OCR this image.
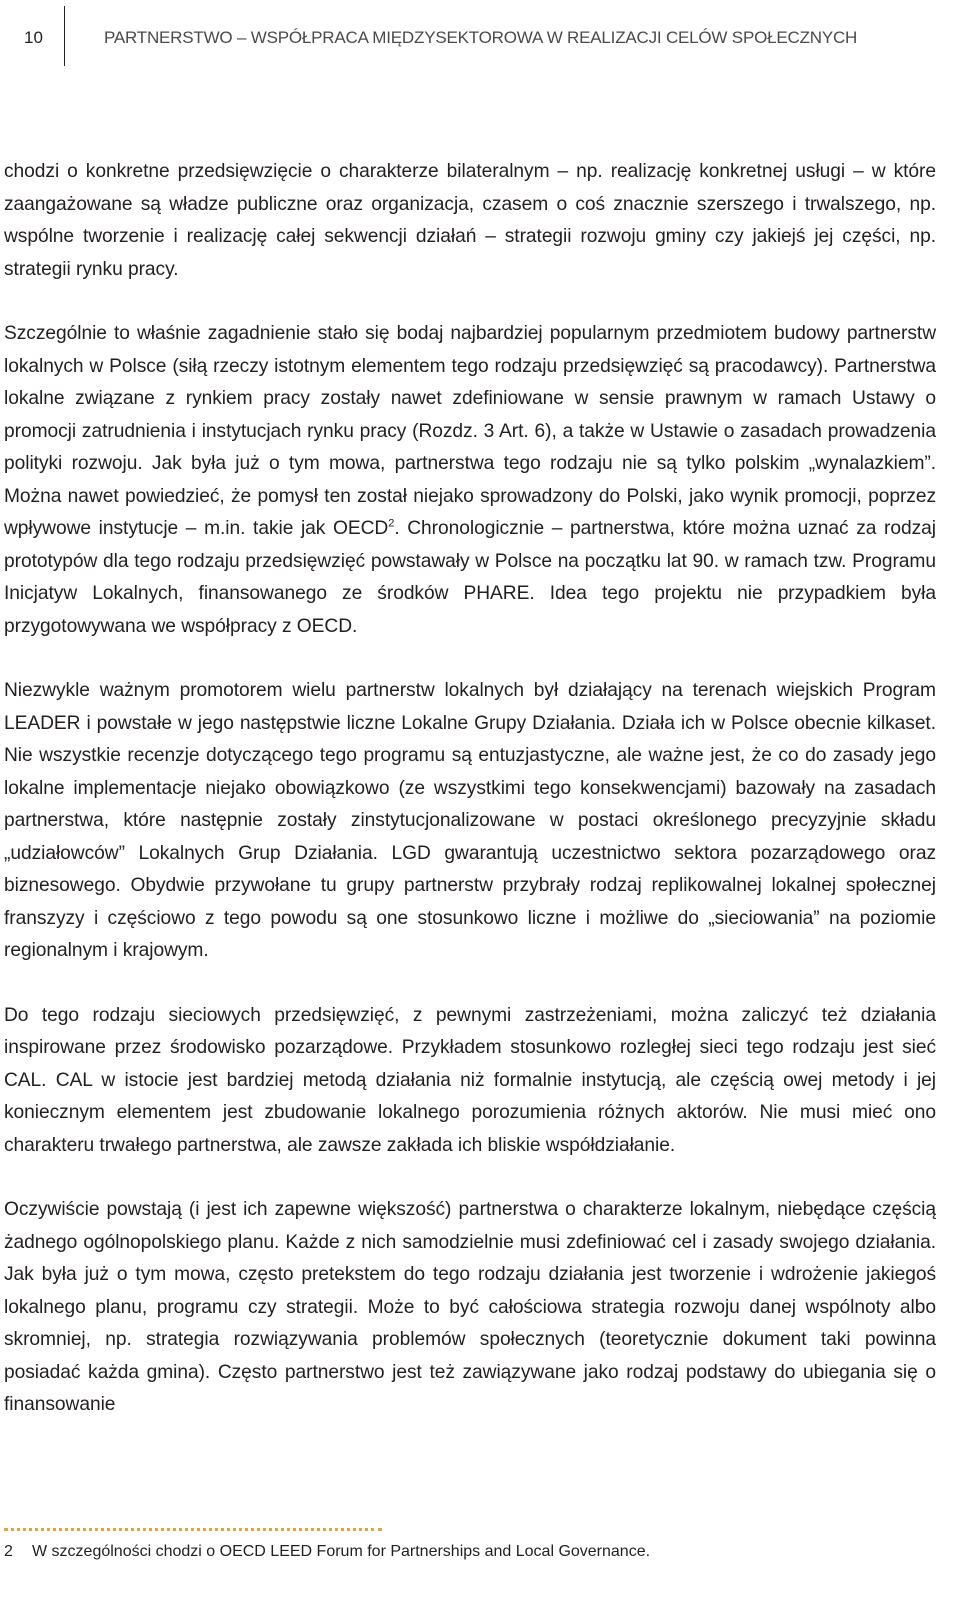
10	PARTNERSTWO – WSPÓŁPRACA MIĘDZYSEKTOROWA W REALIZACJI CELÓW SPOŁECZNYCH

chodzi o konkretne przedsięwzięcie o charakterze bilateralnym – np. realizację konkretnej usługi – w które zaangażowane są władze publiczne oraz organizacja, czasem o coś znacznie szerszego i trwalszego, np. wspólne tworzenie i realizację całej sekwencji działań – strategii rozwoju gminy czy jakiejś jej części, np. strategii rynku pracy.

Szczególnie to właśnie zagadnienie stało się bodaj najbardziej popularnym przedmiotem budowy partnerstw lokalnych w Polsce (siłą rzeczy istotnym elementem tego rodzaju przedsięwzięć są pracodawcy). Partnerstwa lokalne związane z rynkiem pracy zostały nawet zdefiniowane w sensie prawnym w ramach Ustawy o promocji zatrudnienia i instytucjach rynku pracy (Rozdz. 3 Art. 6), a także w Ustawie o zasadach prowadzenia polityki rozwoju. Jak była już o tym mowa, partnerstwa tego rodzaju nie są tylko polskim „wynalazkiem”. Można nawet powiedzieć, że pomysł ten został niejako sprowadzony do Polski, jako wynik promocji, poprzez wpływowe instytucje – m.in. takie jak OECD$^2$. Chronologicznie – partnerstwa, które można uznać za rodzaj prototypów dla tego rodzaju przedsięwzięć powstawały w Polsce na początku lat 90. w ramach tzw. Programu Inicjatyw Lokalnych, finansowanego ze środków PHARE. Idea tego projektu nie przypadkiem była przygotowywana we współpracy z OECD.

Niezwykle ważnym promotorem wielu partnerstw lokalnych był działający na terenach wiejskich Program LEADER i powstałe w jego następstwie liczne Lokalne Grupy Działania. Działa ich w Polsce obecnie kilkaset. Nie wszystkie recenzje dotyczącego tego programu są entuzjastyczne, ale ważne jest, że co do zasady jego lokalne implementacje niejako obowiązkowo (ze wszystkimi tego konsekwencjami) bazowały na zasadach partnerstwa, które następnie zostały zinstytucjonalizowane w postaci określonego precyzyjnie składu „udziałowców” Lokalnych Grup Działania. LGD gwarantują uczestnictwo sektora pozarządowego oraz biznesowego. Obydwie przywołane tu grupy partnerstw przybrały rodzaj replikowalnej lokalnej społecznej franszyzy i częściowo z tego powodu są one stosunkowo liczne i możliwe do „sieciowania” na poziomie regionalnym i krajowym.

Do tego rodzaju sieciowych przedsięwzięć, z pewnymi zastrzeżeniami, można zaliczyć też działania inspirowane przez środowisko pozarządowe. Przykładem stosunkowo rozległej sieci tego rodzaju jest sieć CAL. CAL w istocie jest bardziej metodą działania niż formalnie instytucją, ale częścią owej metody i jej koniecznym elementem jest zbudowanie lokalnego porozumienia różnych aktorów. Nie musi mieć ono charakteru trwałego partnerstwa, ale zawsze zakłada ich bliskie współdziałanie.

Oczywiście powstają (i jest ich zapewne większość) partnerstwa o charakterze lokalnym, niebędące częścią żadnego ogólnopolskiego planu. Każde z nich samodzielnie musi zdefiniować cel i zasady swojego działania. Jak była już o tym mowa, często pretekstem do tego rodzaju działania jest tworzenie i wdrożenie jakiegoś lokalnego planu, programu czy strategii. Może to być całościowa strategia rozwoju danej wspólnoty albo skromniej, np. strategia rozwiązywania problemów społecznych (teoretycznie dokument taki powinna posiadać każda gmina). Często partnerstwo jest też zawiązywane jako rodzaj podstawy do ubiegania się o finansowanie

2 W szczególności chodzi o OECD LEED Forum for Partnerships and Local Governance.
